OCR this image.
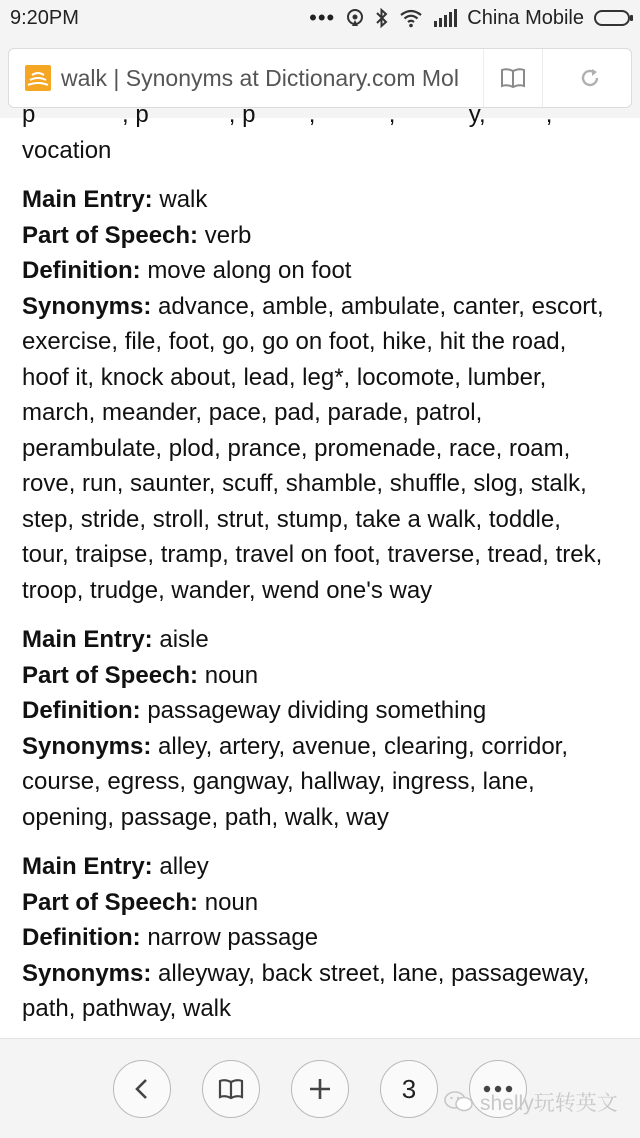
9:20PM	•••	China Mobile
walk | Synonyms at Dictionary.com Mol
p             , p            , p        ,           ,           y,         ,
vocation
Main Entry: walk
Part of Speech: verb
Definition: move along on foot
Synonyms: advance, amble, ambulate, canter, escort,
exercise, file, foot, go, go on foot, hike, hit the road,
hoof it, knock about, lead, leg*, locomote, lumber,
march, meander, pace, pad, parade, patrol,
perambulate, plod, prance, promenade, race, roam,
rove, run, saunter, scuff, shamble, shuffle, slog, stalk,
step, stride, stroll, strut, stump, take a walk, toddle,
tour, traipse, tramp, travel on foot, traverse, tread, trek,
troop, trudge, wander, wend one's way
Main Entry: aisle
Part of Speech: noun
Definition: passageway dividing something
Synonyms: alley, artery, avenue, clearing, corridor,
course, egress, gangway, hallway, ingress, lane,
opening, passage, path, walk, way
Main Entry: alley
Part of Speech: noun
Definition: narrow passage
Synonyms: alleyway, back street, lane, passageway,
path, pathway, walk
3	shelly玩转英文
